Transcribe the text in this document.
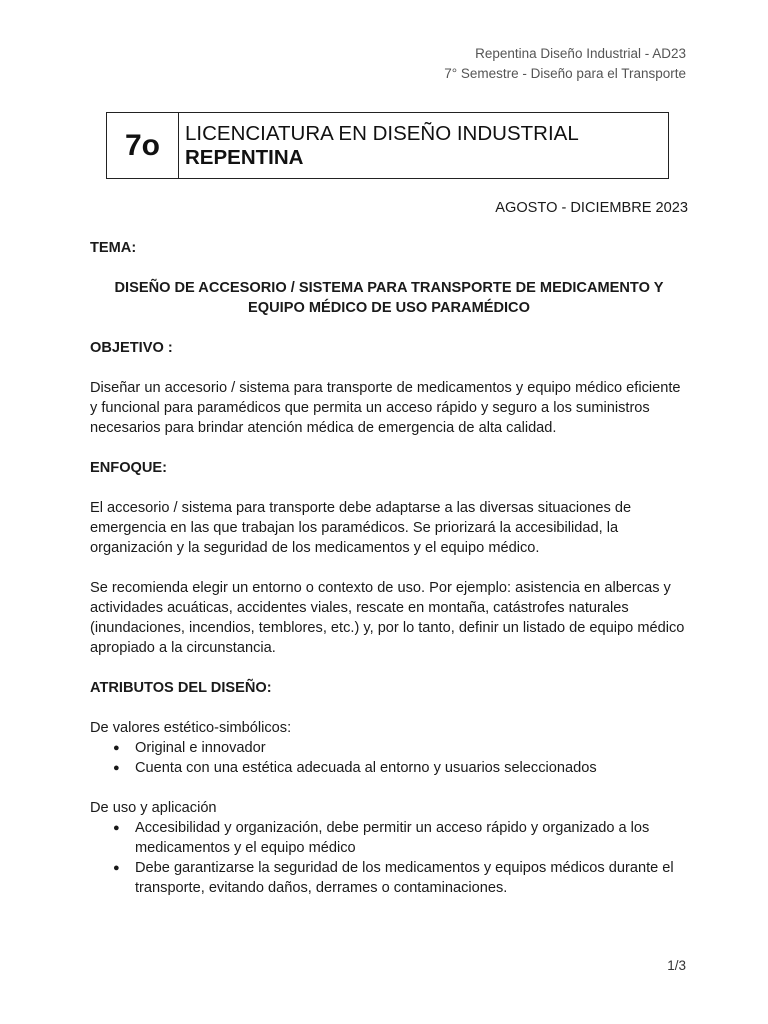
Repentina Diseño Industrial - AD23
7° Semestre - Diseño para el Transporte
7o	LICENCIATURA EN DISEÑO INDUSTRIAL
REPENTINA

AGOSTO - DICIEMBRE 2023

TEMA:

DISEÑO DE ACCESORIO / SISTEMA PARA TRANSPORTE DE MEDICAMENTO Y EQUIPO MÉDICO DE USO PARAMÉDICO

OBJETIVO :

Diseñar un accesorio / sistema para transporte de medicamentos y equipo médico eficiente y funcional para paramédicos que permita un acceso rápido y seguro a los suministros necesarios para brindar atención médica de emergencia de alta calidad.

ENFOQUE:

El accesorio / sistema para transporte debe adaptarse a las diversas situaciones de emergencia en las que trabajan los paramédicos. Se priorizará la accesibilidad, la organización y la seguridad de los medicamentos y el equipo médico.

Se recomienda elegir un entorno o contexto de uso. Por ejemplo: asistencia en albercas y actividades acuáticas, accidentes viales, rescate en montaña, catástrofes naturales (inundaciones, incendios, temblores, etc.) y, por lo tanto, definir un listado de equipo médico apropiado a la circunstancia.

ATRIBUTOS DEL DISEÑO:

De valores estético-simbólicos:

● Original e innovador
● Cuenta con una estética adecuada al entorno y usuarios seleccionados

De uso y aplicación

● Accesibilidad y organización, debe permitir un acceso rápido y organizado a los medicamentos y el equipo médico
● Debe garantizarse la seguridad de los medicamentos y equipos médicos durante el transporte, evitando daños, derrames o contaminaciones.
1/3
